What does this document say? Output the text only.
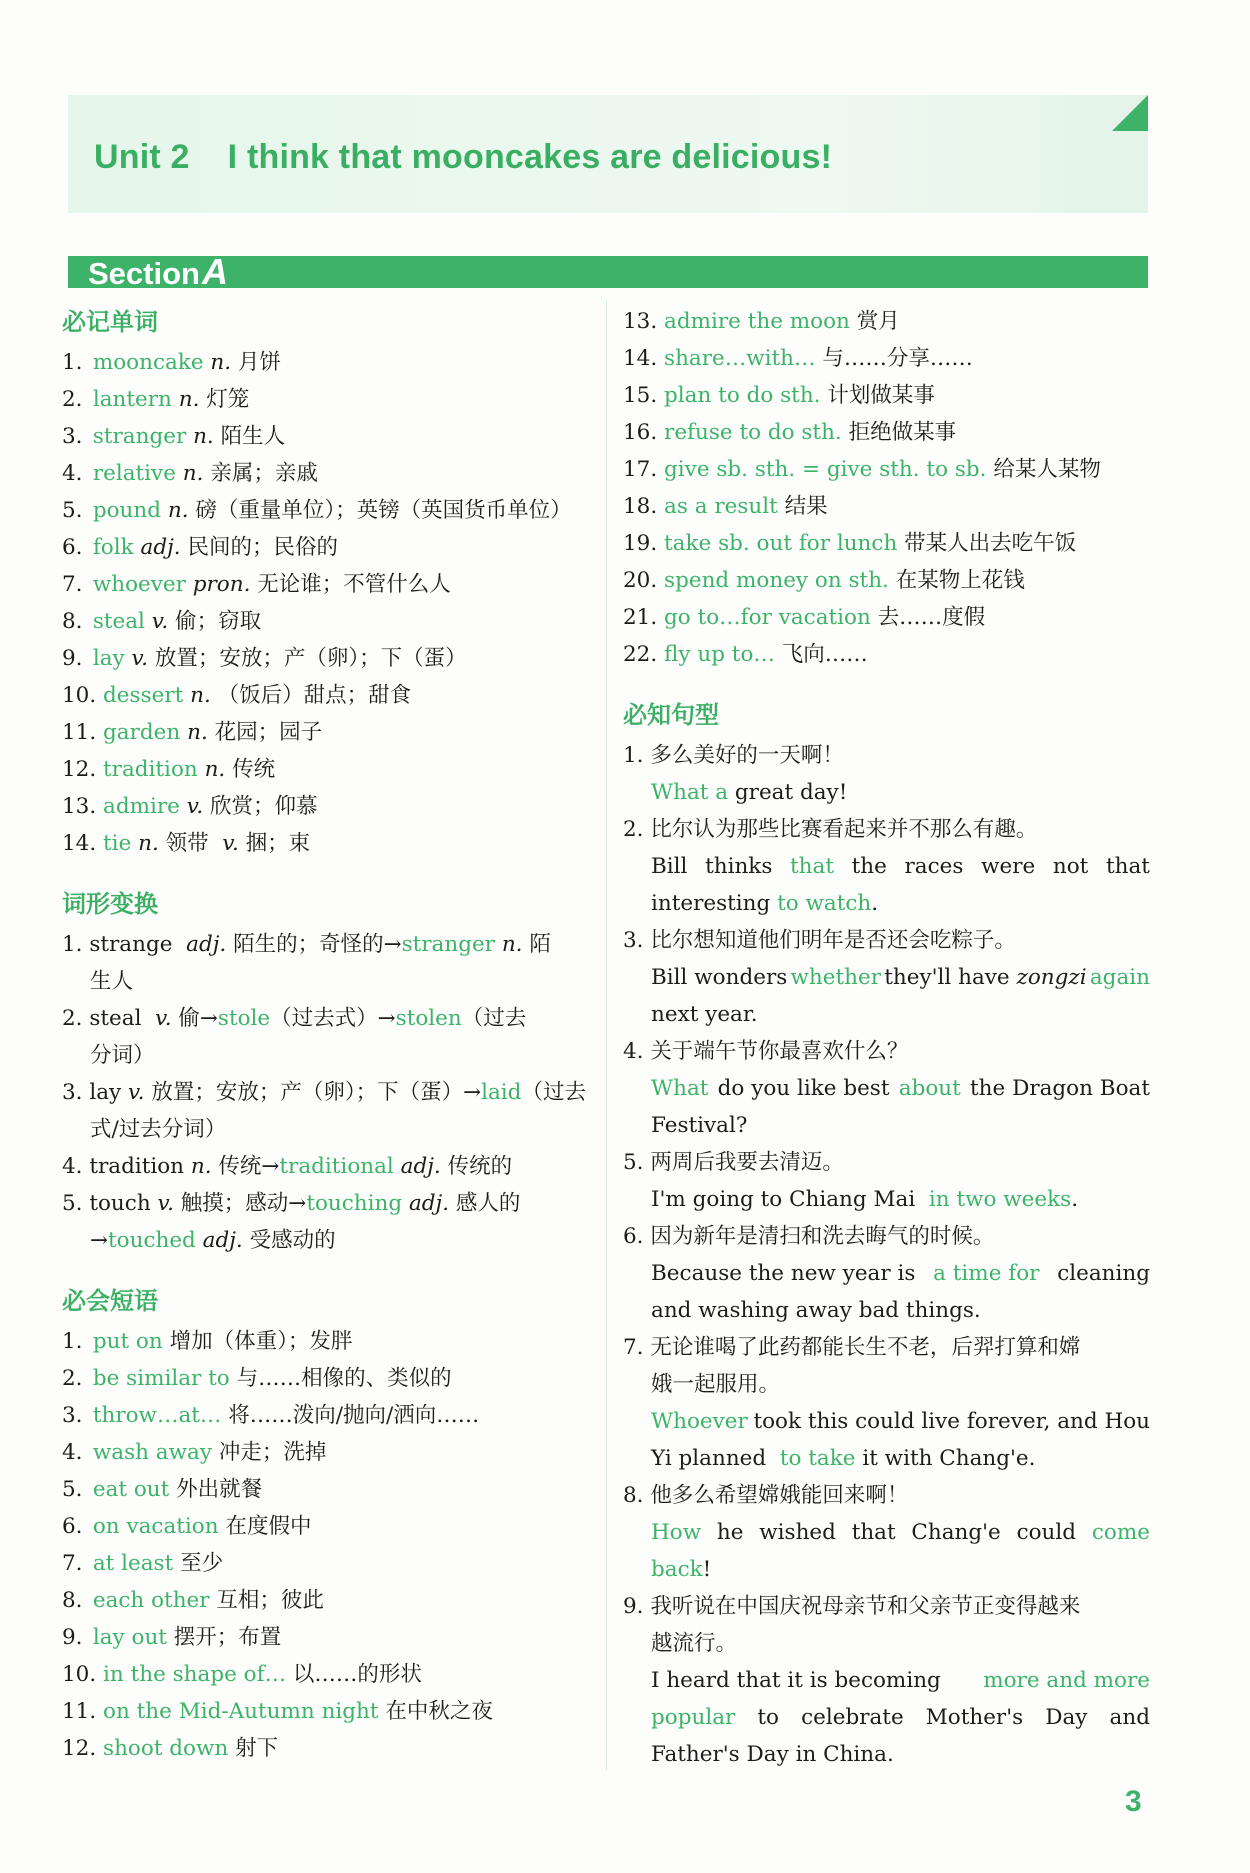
Unit 2 I think that mooncakes are delicious!
SectionA
必记单词
1. mooncake n. 月饼
2. lantern n. 灯笼
3. stranger n. 陌生人
4. relative n. 亲属；亲戚
5. pound n. 磅（重量单位）；英镑（英国货币单位）
6. folk adj. 民间的；民俗的
7. whoever pron. 无论谁；不管什么人
8. steal v. 偷；窃取
9. lay v. 放置；安放；产（卵）；下（蛋）
10. dessert n. （饭后）甜点；甜食
11. garden n. 花园；园子
12. tradition n. 传统
13. admire v. 欣赏；仰慕
14. tie n. 领带 v. 捆；束
词形变换
1. strange adj. 陌生的；奇怪的→stranger n. 陌
生人
2. steal v. 偷→stole（过去式）→stolen（过去
分词）
3. lay v. 放置；安放；产（卵）；下（蛋）→laid（过去
式/过去分词）
4. tradition n. 传统→traditional adj. 传统的
5. touch v. 触摸；感动→touching adj. 感人的
→touched adj. 受感动的
必会短语
1. put on 增加（体重）；发胖
2. be similar to 与……相像的、类似的
3. throw…at… 将……泼向/抛向/洒向……
4. wash away 冲走；洗掉
5. eat out 外出就餐
6. on vacation 在度假中
7. at least 至少
8. each other 互相；彼此
9. lay out 摆开；布置
10. in the shape of… 以……的形状
11. on the Mid-Autumn night 在中秋之夜
12. shoot down 射下
13. admire the moon 赏月
14. share…with… 与……分享……
15. plan to do sth. 计划做某事
16. refuse to do sth. 拒绝做某事
17. give sb. sth. = give sth. to sb. 给某人某物
18. as a result 结果
19. take sb. out for lunch 带某人出去吃午饭
20. spend money on sth. 在某物上花钱
21. go to…for vacation 去……度假
22. fly up to… 飞向……
必知句型
1. 多么美好的一天啊！
What a great day!
2. 比尔认为那些比赛看起来并不那么有趣。
Bill thinks that the races were not that
interesting to watch.
3. 比尔想知道他们明年是否还会吃粽子。
Bill wonders whether they'll have zongzi again
next year.
4. 关于端午节你最喜欢什么？
What do you like best about the Dragon Boat
Festival?
5. 两周后我要去清迈。
I'm going to Chiang Mai in two weeks.
6. 因为新年是清扫和洗去晦气的时候。
Because the new year is a time for cleaning
and washing away bad things.
7. 无论谁喝了此药都能长生不老，后羿打算和嫦
娥一起服用。
Whoever took this could live forever, and Hou
Yi planned to take it with Chang'e.
8. 他多么希望嫦娥能回来啊！
How he wished that Chang'e could come
back!
9. 我听说在中国庆祝母亲节和父亲节正变得越来
越流行。
I heard that it is becoming more and more
popular to celebrate Mother's Day and
Father's Day in China.
3
